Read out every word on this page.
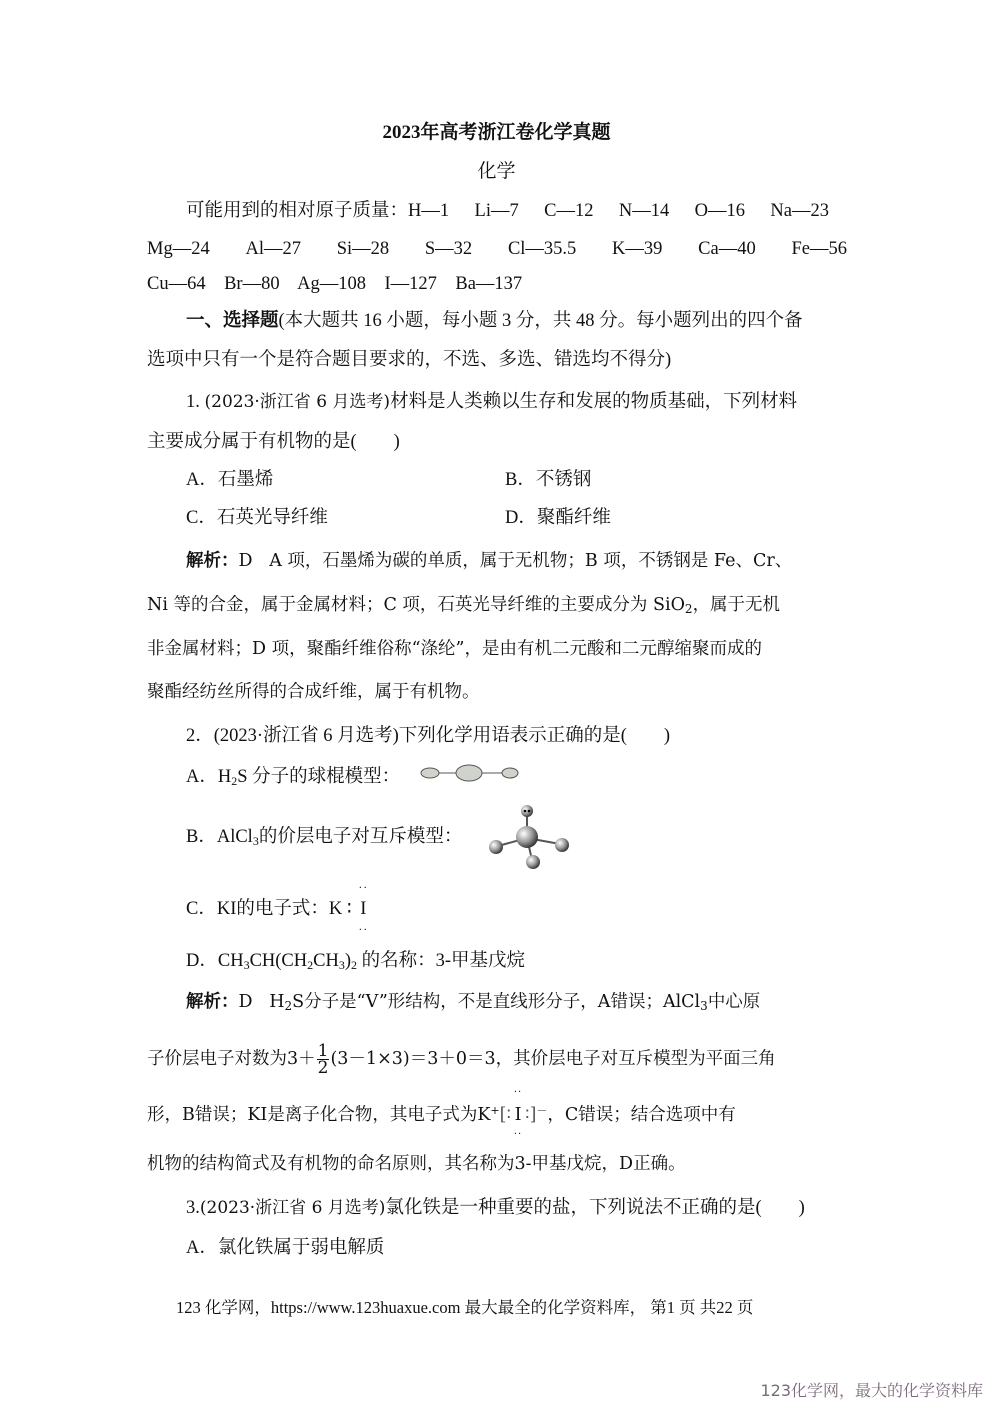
2023年高考浙江卷化学真题
化学
可能用到的相对原子质量： H—1 Li—7 C—12 N—14 O—16 Na—23
Mg—24 Al—27 Si—28 S—32 Cl—35.5 K—39 Ca—40 Fe—56
Cu—64 Br—80 Ag—108 I—127 Ba—137
一、选择题(本大题共 16 小题，每小题 3 分，共 48 分。每小题列出的四个备
选项中只有一个是符合题目要求的，不选、多选、错选均不得分)
1. (2023·浙江省 6 月选考)材料是人类赖以生存和发展的物质基础，下列材料
主要成分属于有机物的是(　　)
A．石墨烯	B．不锈钢
C．石英光导纤维	D．聚酯纤维
解析：D A 项，石墨烯为碳的单质，属于无机物；B 项，不锈钢是 Fe、Cr、
Ni 等的合金，属于金属材料；C 项，石英光导纤维的主要成分为 SiO$_2$，属于无机
非金属材料；D 项，聚酯纤维俗称“涤纶”，是由有机二元酸和二元醇缩聚而成的
聚酯经纺丝所得的合成纤维，属于有机物。
2．(2023·浙江省 6 月选考)下列化学用语表示正确的是(　　)
A．$H_2S$ 分子的球棍模型：
B．AlCl$_3$的价层电子对互斥模型：
C．KI的电子式：K ∶
··
I
··
D．$CH_3CH(CH_2CH_3)_2$ 的名称：3-甲基戊烷
解析：D $H_2S$分子是“V”形结构，不是直线形分子，A错误；AlCl$_3$中心原
子价层电子对数为$3+ \frac{1}{2} (3-1\times 3)=3+0=3$，其价层电子对互斥模型为平面三角
形，B错误；KI是离子化合物，其电子式为K+[∶
··
I
··
∶]－，C错误；结合选项中有
机物的结构简式及有机物的命名原则，其名称为3-甲基戊烷，D正确。
3.(2023·浙江省 6 月选考)氯化铁是一种重要的盐，下列说法不正确的是(　　)
A．氯化铁属于弱电解质
123 化学网，https://www.123huaxue.com 最大最全的化学资料库， 第1 页 共22 页
123化学网，最大的化学资料库
